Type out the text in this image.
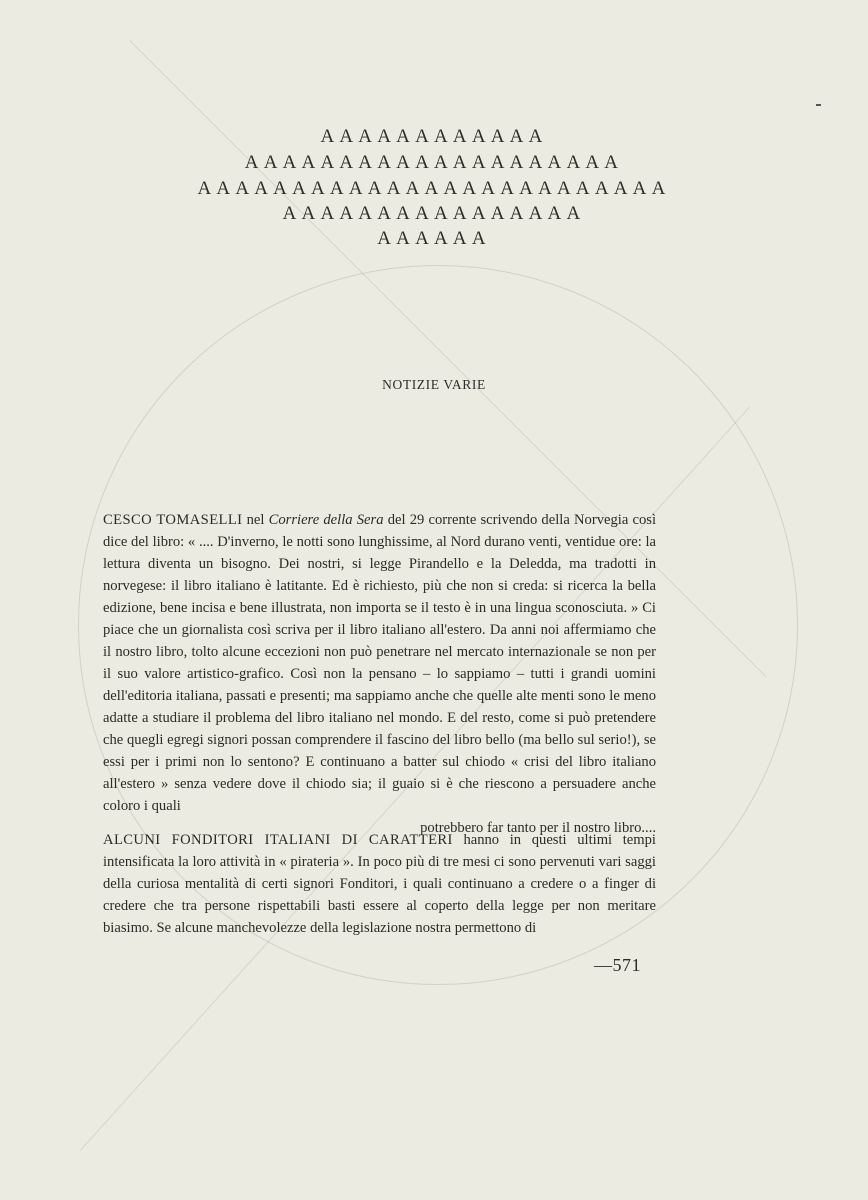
AAAAAAAAAAAA
AAAAAAAAAAAAAAAAAAAA
AAAAAAAAAAAAAAAAAAAAAAAAA
AAAAAAAAAAAAAAAA
AAAAAA
NOTIZIE VARIE
CESCO TOMASELLI nel Corriere della Sera del 29 corrente scrivendo della Norvegia così dice del libro: « .... D'inverno, le notti sono lunghissime, al Nord durano venti, ventidue ore: la lettura diventa un bisogno. Dei nostri, si legge Pirandello e la Deledda, ma tradotti in norvegese: il libro italiano è latitante. Ed è richiesto, più che non si creda: si ricerca la bella edizione, bene incisa e bene illustrata, non importa se il testo è in una lingua sconosciuta. » Ci piace che un giornalista così scriva per il libro italiano all'estero. Da anni noi affermiamo che il nostro libro, tolto alcune eccezioni non può penetrare nel mercato internazionale se non per il suo valore artistico-grafico. Così non la pensano – lo sappiamo – tutti i grandi uomini dell'editoria italiana, passati e presenti; ma sappiamo anche che quelle alte menti sono le meno adatte a studiare il problema del libro italiano nel mondo. E del resto, come si può pretendere che quegli egregi signori possan comprendere il fascino del libro bello (ma bello sul serio!), se essi per i primi non lo sentono? E continuano a batter sul chiodo « crisi del libro italiano all'estero » senza vedere dove il chiodo sia; il guaio si è che riescono a persuadere anche coloro i quali
potrebbero far tanto per il nostro libro....
ALCUNI FONDITORI ITALIANI DI CARATTERI hanno in questi ultimi tempi intensificata la loro attività in « pirateria ». In poco più di tre mesi ci sono pervenuti vari saggi della curiosa mentalità di certi signori Fonditori, i quali continuano a credere o a finger di credere che tra persone rispettabili basti essere al coperto della legge per non meritare biasimo. Se alcune manchevolezze della legislazione nostra permettono di
—571
